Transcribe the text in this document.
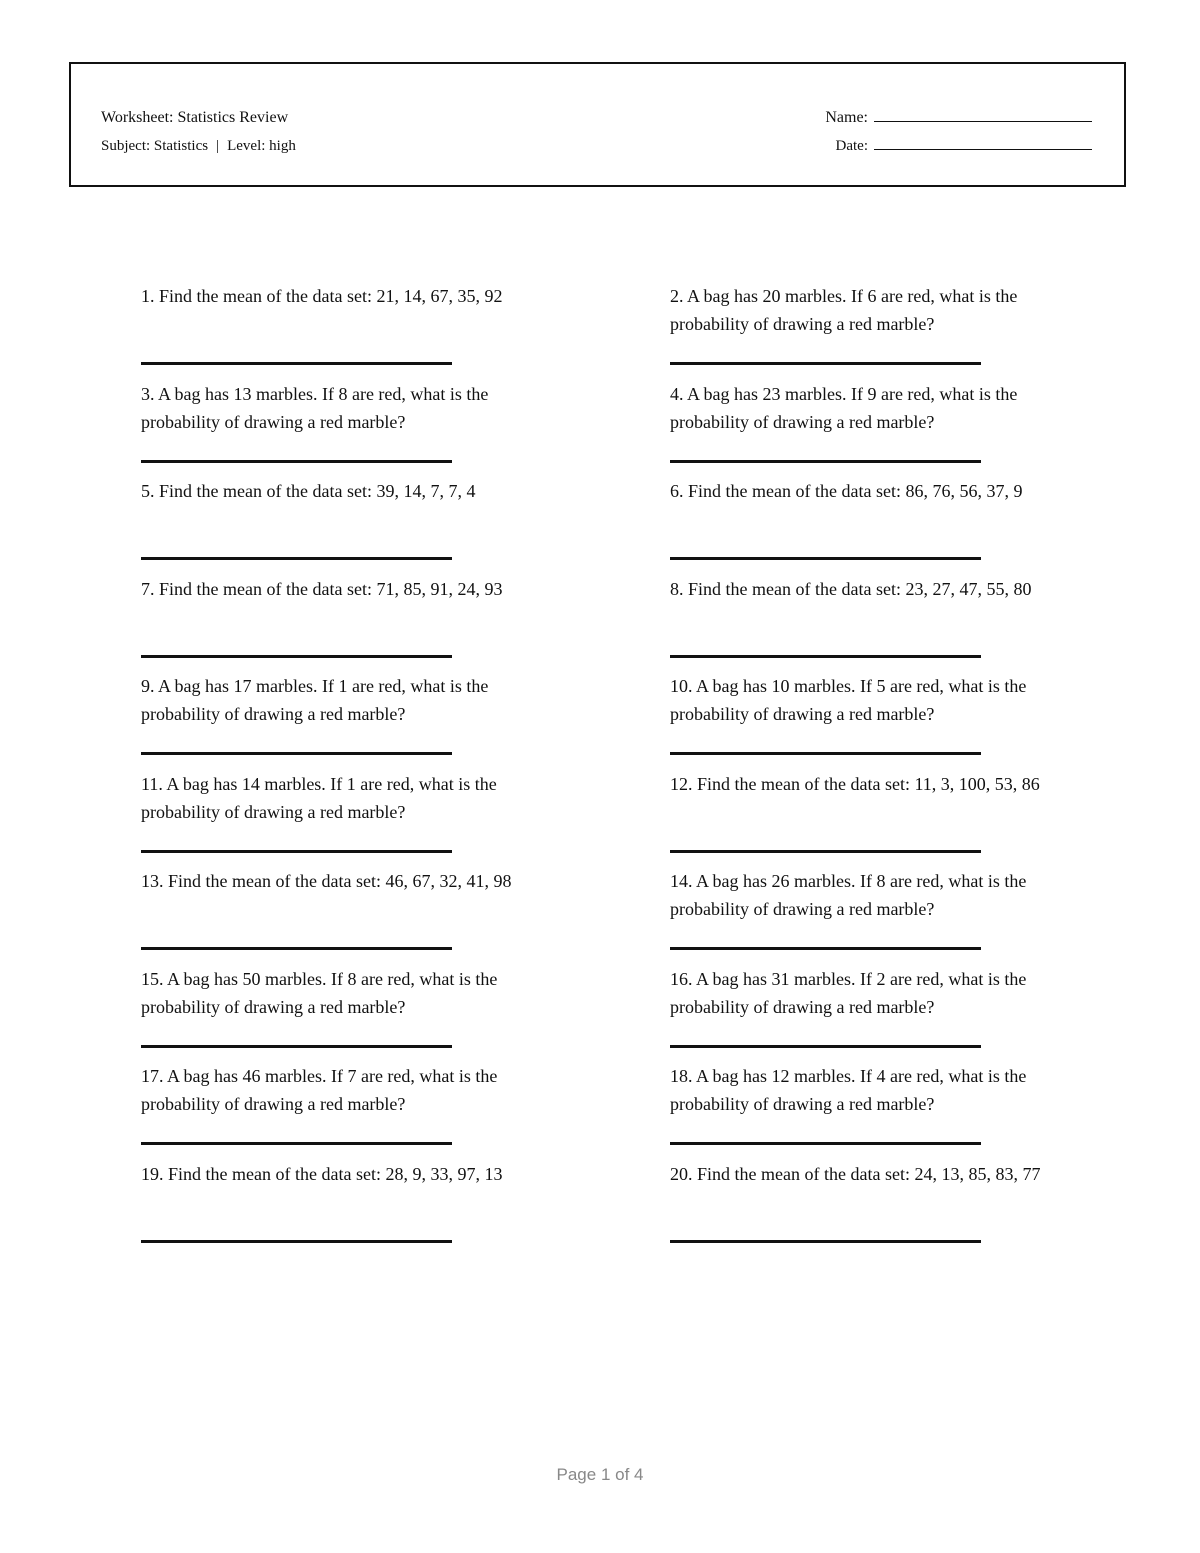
Worksheet: Statistics Review
Subject: Statistics | Level: high
Name:
Date:
1. Find the mean of the data set: 21, 14, 67, 35, 92	2. A bag has 20 marbles. If 6 are red, what is the probability of drawing a red marble?
3. A bag has 13 marbles. If 8 are red, what is the probability of drawing a red marble?
4. A bag has 23 marbles. If 9 are red, what is the probability of drawing a red marble?
5. Find the mean of the data set: 39, 14, 7, 7, 4	6. Find the mean of the data set: 86, 76, 56, 37, 9
7. Find the mean of the data set: 71, 85, 91, 24, 93	8. Find the mean of the data set: 23, 27, 47, 55, 80
9. A bag has 17 marbles. If 1 are red, what is the probability of drawing a red marble?
10. A bag has 10 marbles. If 5 are red, what is the probability of drawing a red marble?
11. A bag has 14 marbles. If 1 are red, what is the probability of drawing a red marble?
12. Find the mean of the data set: 11, 3, 100, 53, 86
13. Find the mean of the data set: 46, 67, 32, 41, 98	14. A bag has 26 marbles. If 8 are red, what is the probability of drawing a red marble?
15. A bag has 50 marbles. If 8 are red, what is the probability of drawing a red marble?
16. A bag has 31 marbles. If 2 are red, what is the probability of drawing a red marble?
17. A bag has 46 marbles. If 7 are red, what is the probability of drawing a red marble?
18. A bag has 12 marbles. If 4 are red, what is the probability of drawing a red marble?
19. Find the mean of the data set: 28, 9, 33, 97, 13	20. Find the mean of the data set: 24, 13, 85, 83, 77
Page 1 of 4
